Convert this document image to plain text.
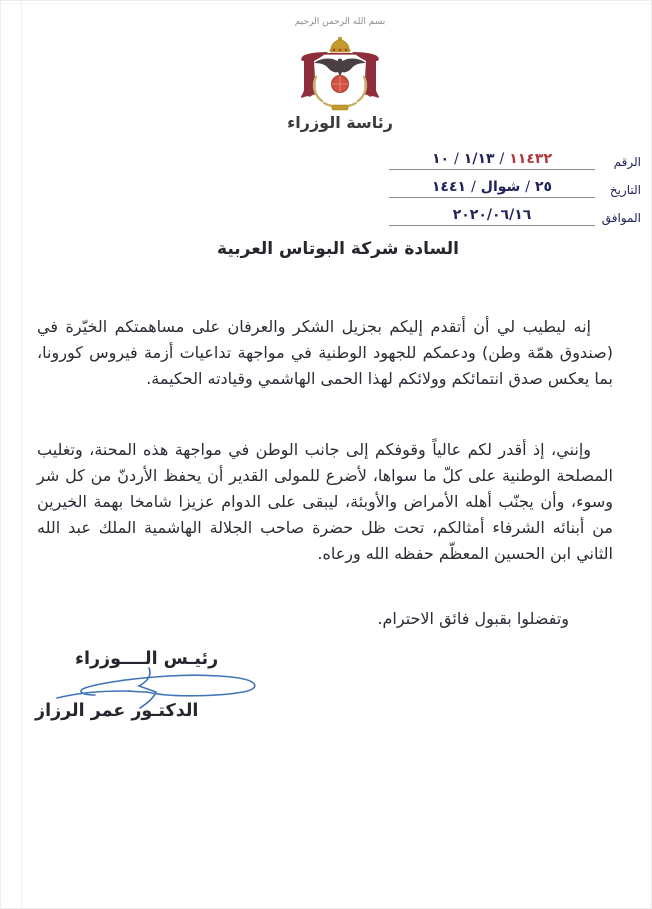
بسم الله الرحمن الرحيم
رئاسة الوزراء
الرقم
١٠ / ١/١٣ / ١١٤٣٢
التاريخ
٢٥/شوال/١٤٤١
الموافق
٢٠٢٠/٠٦/١٦
السادة شركة البوتاس العربية

إنه ليطيب لي أن أتقدم إليكم بجزيل الشكر والعرفان على مساهمتكم الخيّرة في (صندوق همّة وطن) ودعمكم للجهود الوطنية في مواجهة تداعيات أزمة فيروس كورونا، بما يعكس صدق انتمائكم وولائكم لهذا الحمى الهاشمي وقيادته الحكيمة.

وإنني، إذ أقدر لكم عالياً وقوفكم إلى جانب الوطن في مواجهة هذه المحنة، وتغليب المصلحة الوطنية على كلّ ما سواها، لأضرع للمولى القدير أن يحفظ الأردنّ من كل شر وسوء، وأن يجنّب أهله الأمراض والأوبئة، ليبقى على الدوام عزيزا شامخا بهمة الخيرين من أبنائه الشرفاء أمثالكم، تحت ظل حضرة صاحب الجلالة الهاشمية الملك عبد الله الثاني ابن الحسين المعظّم حفظه الله ورعاه.

وتفضلوا بقبول فائق الاحترام.
رئيـس الــــوزراء
الدكتـور عمر الرزاز
